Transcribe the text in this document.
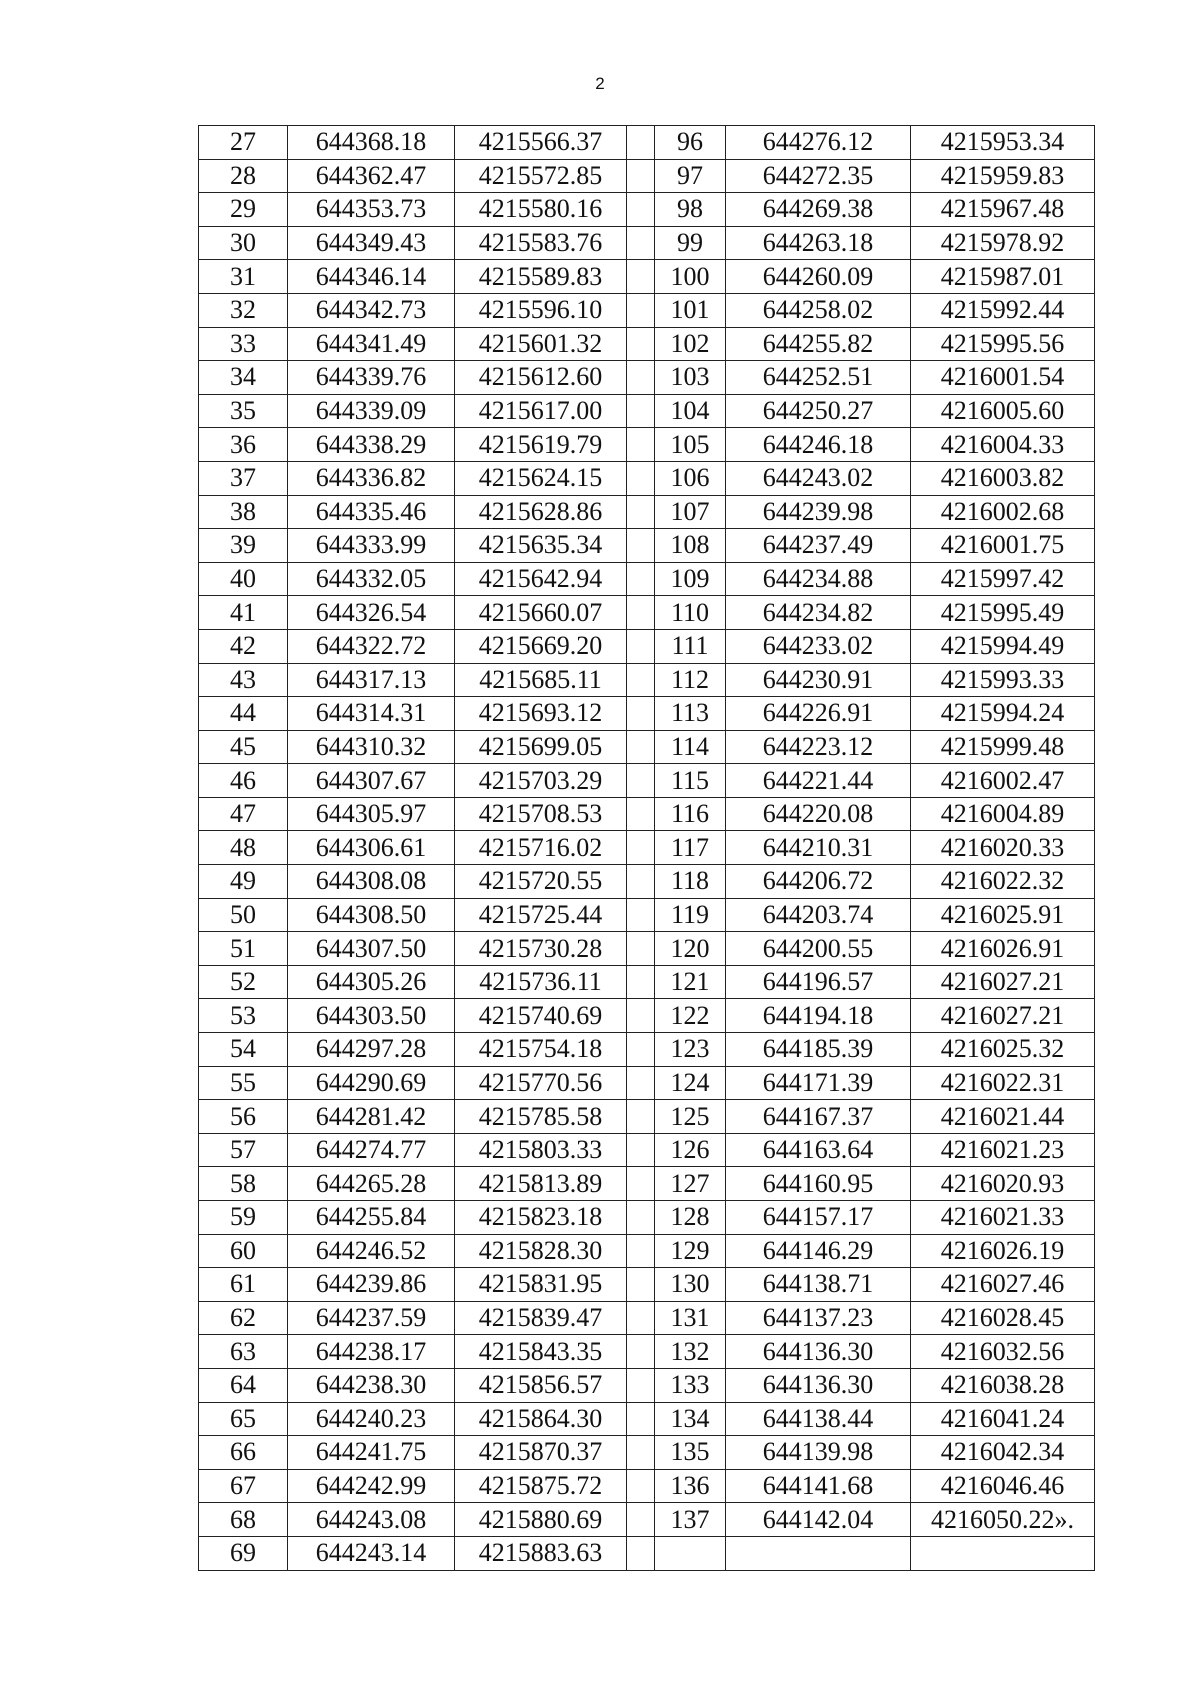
2
27	644368.18	4215566.37		96	644276.12	4215953.34
28	644362.47	4215572.85		97	644272.35	4215959.83
29	644353.73	4215580.16		98	644269.38	4215967.48
30	644349.43	4215583.76		99	644263.18	4215978.92
31	644346.14	4215589.83		100	644260.09	4215987.01
32	644342.73	4215596.10		101	644258.02	4215992.44
33	644341.49	4215601.32		102	644255.82	4215995.56
34	644339.76	4215612.60		103	644252.51	4216001.54
35	644339.09	4215617.00		104	644250.27	4216005.60
36	644338.29	4215619.79		105	644246.18	4216004.33
37	644336.82	4215624.15		106	644243.02	4216003.82
38	644335.46	4215628.86		107	644239.98	4216002.68
39	644333.99	4215635.34		108	644237.49	4216001.75
40	644332.05	4215642.94		109	644234.88	4215997.42
41	644326.54	4215660.07		110	644234.82	4215995.49
42	644322.72	4215669.20		111	644233.02	4215994.49
43	644317.13	4215685.11		112	644230.91	4215993.33
44	644314.31	4215693.12		113	644226.91	4215994.24
45	644310.32	4215699.05		114	644223.12	4215999.48
46	644307.67	4215703.29		115	644221.44	4216002.47
47	644305.97	4215708.53		116	644220.08	4216004.89
48	644306.61	4215716.02		117	644210.31	4216020.33
49	644308.08	4215720.55		118	644206.72	4216022.32
50	644308.50	4215725.44		119	644203.74	4216025.91
51	644307.50	4215730.28		120	644200.55	4216026.91
52	644305.26	4215736.11		121	644196.57	4216027.21
53	644303.50	4215740.69		122	644194.18	4216027.21
54	644297.28	4215754.18		123	644185.39	4216025.32
55	644290.69	4215770.56		124	644171.39	4216022.31
56	644281.42	4215785.58		125	644167.37	4216021.44
57	644274.77	4215803.33		126	644163.64	4216021.23
58	644265.28	4215813.89		127	644160.95	4216020.93
59	644255.84	4215823.18		128	644157.17	4216021.33
60	644246.52	4215828.30		129	644146.29	4216026.19
61	644239.86	4215831.95		130	644138.71	4216027.46
62	644237.59	4215839.47		131	644137.23	4216028.45
63	644238.17	4215843.35		132	644136.30	4216032.56
64	644238.30	4215856.57		133	644136.30	4216038.28
65	644240.23	4215864.30		134	644138.44	4216041.24
66	644241.75	4215870.37		135	644139.98	4216042.34
67	644242.99	4215875.72		136	644141.68	4216046.46
68	644243.08	4215880.69		137	644142.04	4216050.22».
69	644243.14	4215883.63				
